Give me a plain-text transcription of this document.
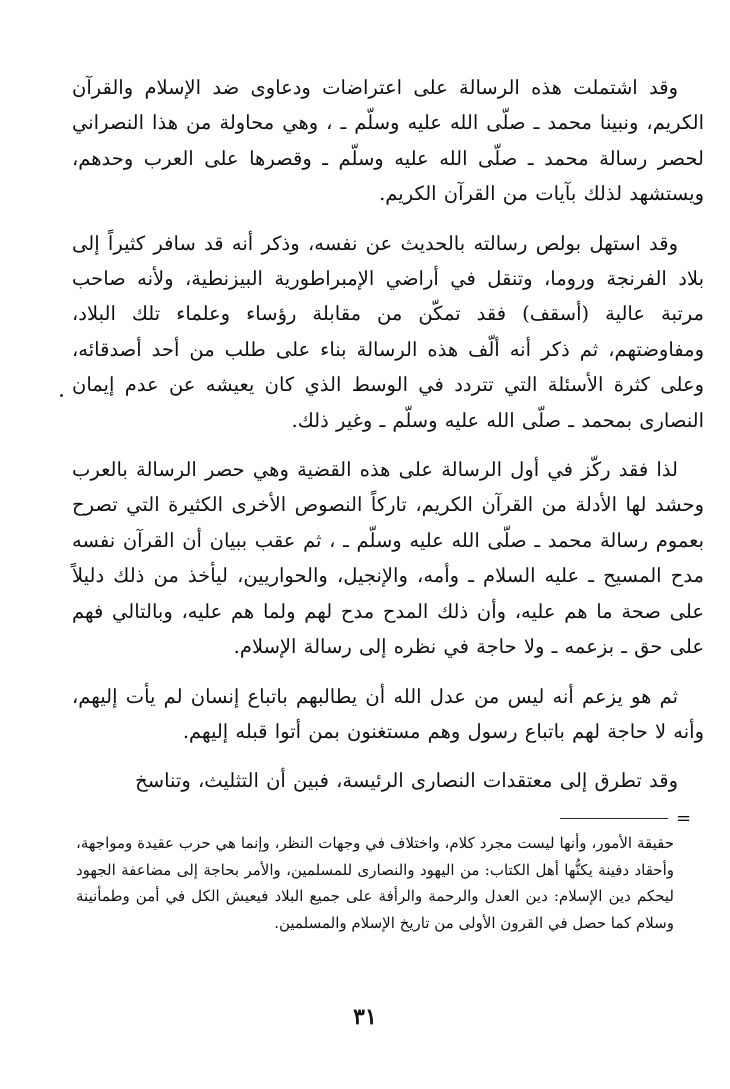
وقد اشتملت هذه الرسالة على اعتراضات ودعاوى ضد الإسلام والقرآن الكريم، ونبينا محمد ـ صلّى الله عليه وسلّم ـ ، وهي محاولة من هذا النصراني لحصر رسالة محمد ـ صلّى الله عليه وسلّم ـ وقصرها على العرب وحدهم، ويستشهد لذلك بآيات من القرآن الكريم.

وقد استهل بولص رسالته بالحديث عن نفسه، وذكر أنه قد سافر كثيراً إلى بلاد الفرنجة وروما، وتنقل في أراضي الإمبراطورية البيزنطية، ولأنه صاحب مرتبة عالية (أسقف) فقد تمكّن من مقابلة رؤساء وعلماء تلك البلاد، ومفاوضتهم، ثم ذكر أنه ألّف هذه الرسالة بناء على طلب من أحد أصدقائه، وعلى كثرة الأسئلة التي تتردد في الوسط الذي كان يعيشه عن عدم إيمان النصارى بمحمد ـ صلّى الله عليه وسلّم ـ وغير ذلك.

لذا فقد ركّز في أول الرسالة على هذه القضية وهي حصر الرسالة بالعرب وحشد لها الأدلة من القرآن الكريم، تاركاً النصوص الأخرى الكثيرة التي تصرح بعموم رسالة محمد ـ صلّى الله عليه وسلّم ـ ، ثم عقب ببيان أن القرآن نفسه مدح المسيح ـ عليه السلام ـ وأمه، والإنجيل، والحواريين، ليأخذ من ذلك دليلاً على صحة ما هم عليه، وأن ذلك المدح مدح لهم ولما هم عليه، وبالتالي فهم على حق ـ بزعمه ـ ولا حاجة في نظره إلى رسالة الإسلام.

ثم هو يزعم أنه ليس من عدل الله أن يطالبهم باتباع إنسان لم يأت إليهم، وأنه لا حاجة لهم باتباع رسول وهم مستغنون بمن أتوا قبله إليهم.

وقد تطرق إلى معتقدات النصارى الرئيسة، فبين أن التثليث، وتناسخ

=

حقيقة الأمور، وأنها ليست مجرد كلام، واختلاف في وجهات النظر، وإنما هي حرب عقيدة ومواجهة، وأحقاد دفينة يكنُّها أهل الكتاب: من اليهود والنصارى للمسلمين، والأمر بحاجة إلى مضاعفة الجهود ليحكم دين الإسلام: دين العدل والرحمة والرأفة على جميع البلاد فيعيش الكل في أمن وطمأنينة وسلام كما حصل في القرون الأولى من تاريخ الإسلام والمسلمين.

٣١
